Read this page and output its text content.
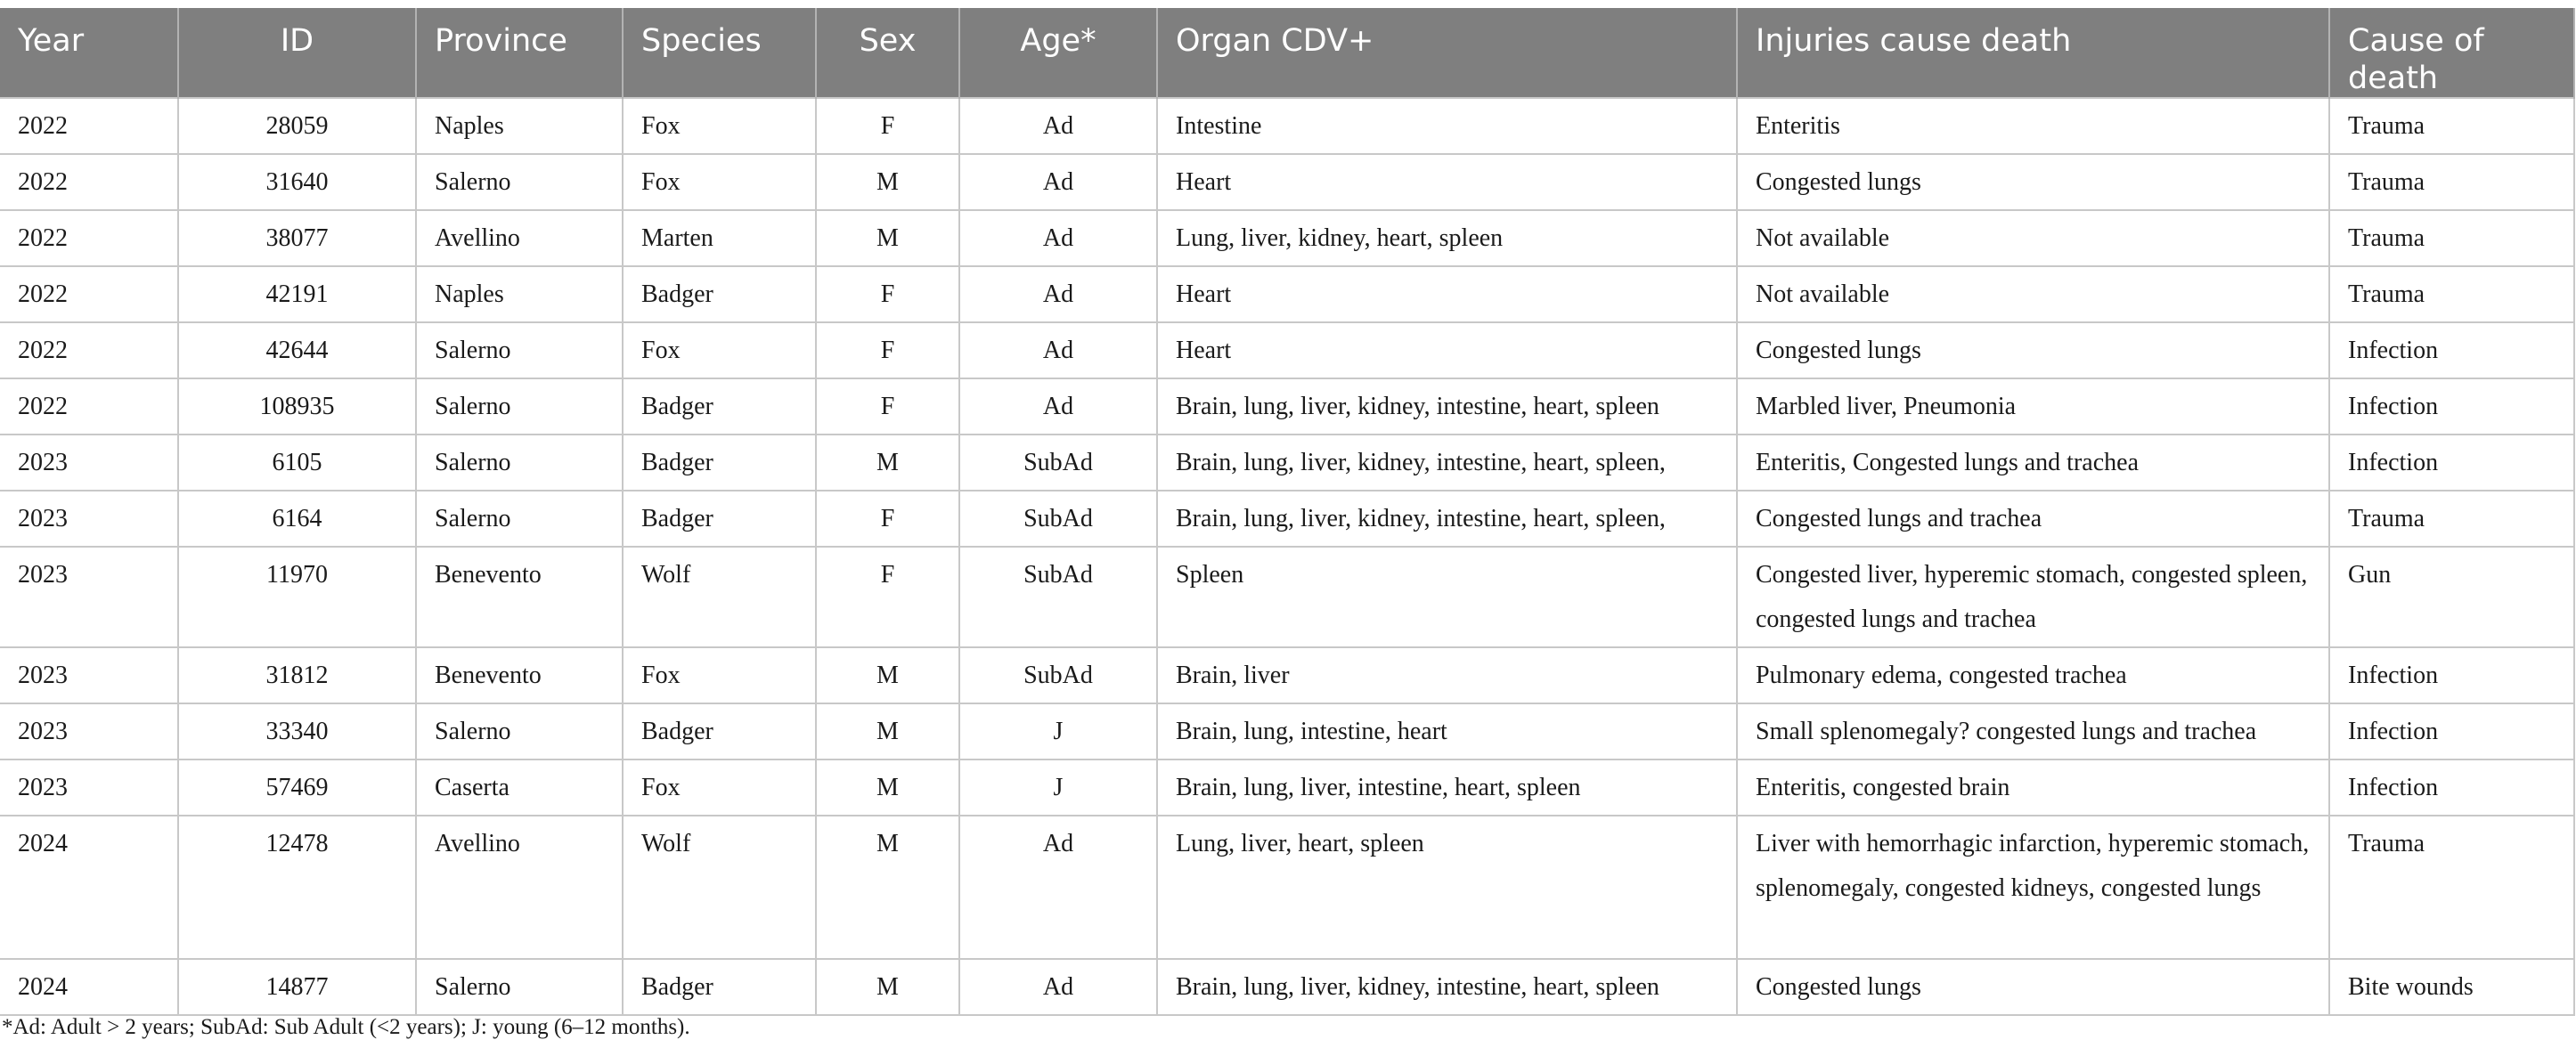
Year	ID	Province	Species	Sex	Age*	Organ CDV+	Injuries cause death	Cause of death
2022	28059	Naples	Fox	F	Ad	Intestine	Enteritis	Trauma
2022	31640	Salerno	Fox	M	Ad	Heart	Congested lungs	Trauma
2022	38077	Avellino	Marten	M	Ad	Lung, liver, kidney, heart, spleen	Not available	Trauma
2022	42191	Naples	Badger	F	Ad	Heart	Not available	Trauma
2022	42644	Salerno	Fox	F	Ad	Heart	Congested lungs	Infection
2022	108935	Salerno	Badger	F	Ad	Brain, lung, liver, kidney, intestine, heart, spleen	Marbled liver, Pneumonia	Infection
2023	6105	Salerno	Badger	M	SubAd	Brain, lung, liver, kidney, intestine, heart, spleen,	Enteritis, Congested lungs and trachea	Infection
2023	6164	Salerno	Badger	F	SubAd	Brain, lung, liver, kidney, intestine, heart, spleen,	Congested lungs and trachea	Trauma
2023	11970	Benevento	Wolf	F	SubAd	Spleen	Congested liver, hyperemic stomach, congested spleen, congested lungs and trachea	Gun
2023	31812	Benevento	Fox	M	SubAd	Brain, liver	Pulmonary edema, congested trachea	Infection
2023	33340	Salerno	Badger	M	J	Brain, lung, intestine, heart	Small splenomegaly? congested lungs and trachea	Infection
2023	57469	Caserta	Fox	M	J	Brain, lung, liver, intestine, heart, spleen	Enteritis, congested brain	Infection
2024	12478	Avellino	Wolf	M	Ad	Lung, liver, heart, spleen	Liver with hemorrhagic infarction, hyperemic stomach, splenomegaly, congested kidneys, congested lungs	Trauma
2024	14877	Salerno	Badger	M	Ad	Brain, lung, liver, kidney, intestine, heart, spleen	Congested lungs	Bite wounds
*Ad: Adult > 2 years; SubAd: Sub Adult (<2 years); J: young (6–12 months).
